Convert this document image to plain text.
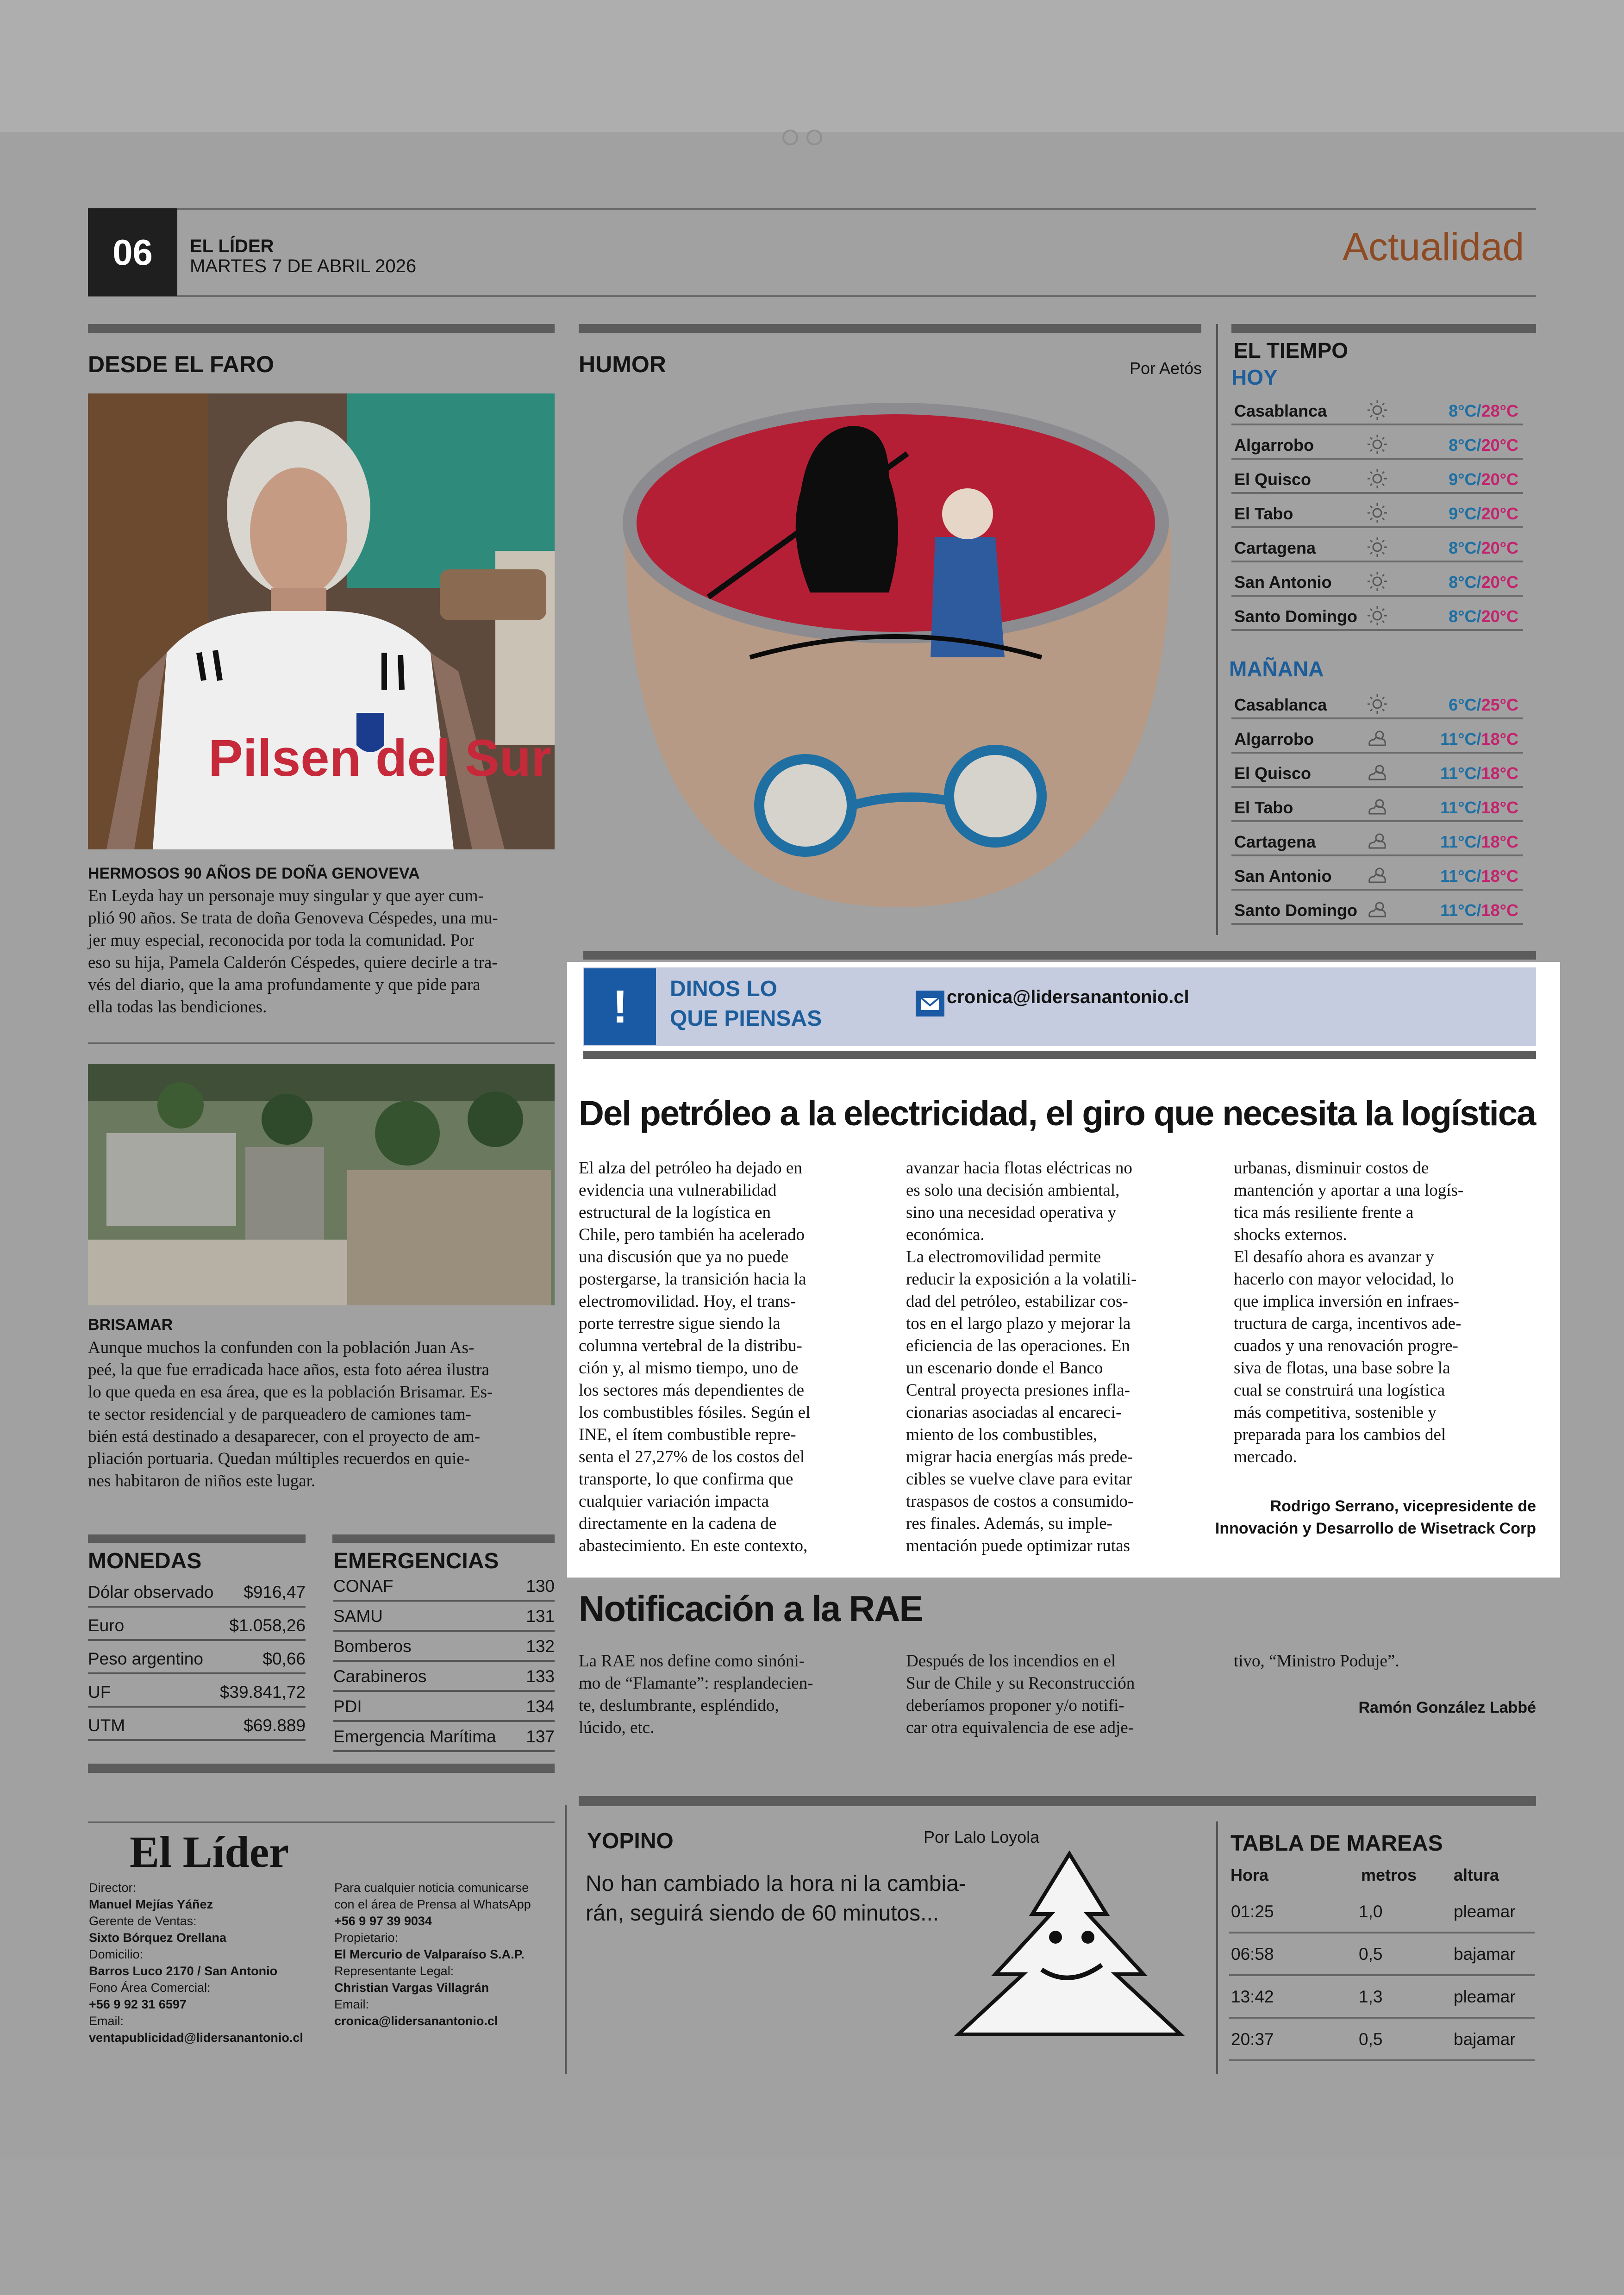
06	EL LÍDER
MARTES 7 DE ABRIL 2026	Actualidad
DESDE EL FARO
Pilsen del Sur
HERMOSOS 90 AÑOS DE DOÑA GENOVEVA
En Leyda hay un personaje muy singular y que ayer cum-
plió 90 años. Se trata de doña Genoveva Céspedes, una mu-
jer muy especial, reconocida por toda la comunidad. Por
eso su hija, Pamela Calderón Céspedes, quiere decirle a tra-
vés del diario, que la ama profundamente y que pide para
ella todas las bendiciones.
BRISAMAR
Aunque muchos la confunden con la población Juan As-
peé, la que fue erradicada hace años, esta foto aérea ilustra
lo que queda en esa área, que es la población Brisamar. Es-
te sector residencial y de parqueadero de camiones tam-
bién está destinado a desaparecer, con el proyecto de am-
pliación portuaria. Quedan múltiples recuerdos en quie-
nes habitaron de niños este lugar.
HUMOR	Por Aetós
EL TIEMPO
HOY
Casablanca	8°C/28°C
Algarrobo	8°C/20°C
El Quisco	9°C/20°C
El Tabo	9°C/20°C
Cartagena	8°C/20°C
San Antonio	8°C/20°C
Santo Domingo	8°C/20°C
MAÑANA
Casablanca	6°C/25°C
Algarrobo	11°C/18°C
El Quisco	11°C/18°C
El Tabo	11°C/18°C
Cartagena	11°C/18°C
San Antonio	11°C/18°C
Santo Domingo	11°C/18°C
!	DINOS LO
QUE PIENSAS
cronica@lidersanantonio.cl
Del petróleo a la electricidad, el giro que necesita la logística
El alza del petróleo ha dejado en
evidencia una vulnerabilidad
estructural de la logística en
Chile, pero también ha acelerado
una discusión que ya no puede
postergarse, la transición hacia la
electromovilidad. Hoy, el trans-
porte terrestre sigue siendo la
columna vertebral de la distribu-
ción y, al mismo tiempo, uno de
los sectores más dependientes de
los combustibles fósiles. Según el
INE, el ítem combustible repre-
senta el 27,27% de los costos del
transporte, lo que confirma que
cualquier variación impacta
directamente en la cadena de
abastecimiento. En este contexto,
avanzar hacia flotas eléctricas no
es solo una decisión ambiental,
sino una necesidad operativa y
económica.
La electromovilidad permite
reducir la exposición a la volatili-
dad del petróleo, estabilizar cos-
tos en el largo plazo y mejorar la
eficiencia de las operaciones. En
un escenario donde el Banco
Central proyecta presiones infla-
cionarias asociadas al encareci-
miento de los combustibles,
migrar hacia energías más prede-
cibles se vuelve clave para evitar
traspasos de costos a consumido-
res finales. Además, su imple-
mentación puede optimizar rutas
urbanas, disminuir costos de
mantención y aportar a una logís-
tica más resiliente frente a
shocks externos.
El desafío ahora es avanzar y
hacerlo con mayor velocidad, lo
que implica inversión en infraes-
tructura de carga, incentivos ade-
cuados y una renovación progre-
siva de flotas, una base sobre la
cual se construirá una logística
más competitiva, sostenible y
preparada para los cambios del
mercado.
Rodrigo Serrano, vicepresidente de
Innovación y Desarrollo de Wisetrack Corp
Notificación a la RAE
La RAE nos define como sinóni-
mo de “Flamante”: resplandecien-
te, deslumbrante, espléndido,
lúcido, etc.
Después de los incendios en el
Sur de Chile y su Reconstrucción
deberíamos proponer y/o notifi-
car otra equivalencia de ese adje-
tivo, “Ministro Poduje”.
Ramón González Labbé
MONEDAS	EMERGENCIAS
Dólar observado $916,47
Euro	$1.058,26
Peso argentino	$0,66
UF	$39.841,72
UTM	$69.889
CONAF	130
SAMU	131
Bomberos	132
Carabineros	133
PDI	134
Emergencia Marítima 137
El Líder
Director:
Manuel Mejías Yáñez
Gerente de Ventas:
Sixto Bórquez Orellana
Domicilio:
Barros Luco 2170 / San Antonio
Fono Área Comercial:
+56 9 92 31 6597
Email:
ventapublicidad@lidersanantonio.cl
Para cualquier noticia comunicarse
con el área de Prensa al WhatsApp
+56 9 97 39 9034
Propietario:
El Mercurio de Valparaíso S.A.P.
Representante Legal:
Christian Vargas Villagrán
Email:
cronica@lidersanantonio.cl
YOPINO	Por Lalo Loyola
No han cambiado la hora ni la cambia-
rán, seguirá siendo de 60 minutos...
TABLA DE MAREAS
Hora	metros altura
01:25	1,0	pleamar
06:58	0,5	bajamar
13:42	1,3	pleamar
20:37	0,5	bajamar
